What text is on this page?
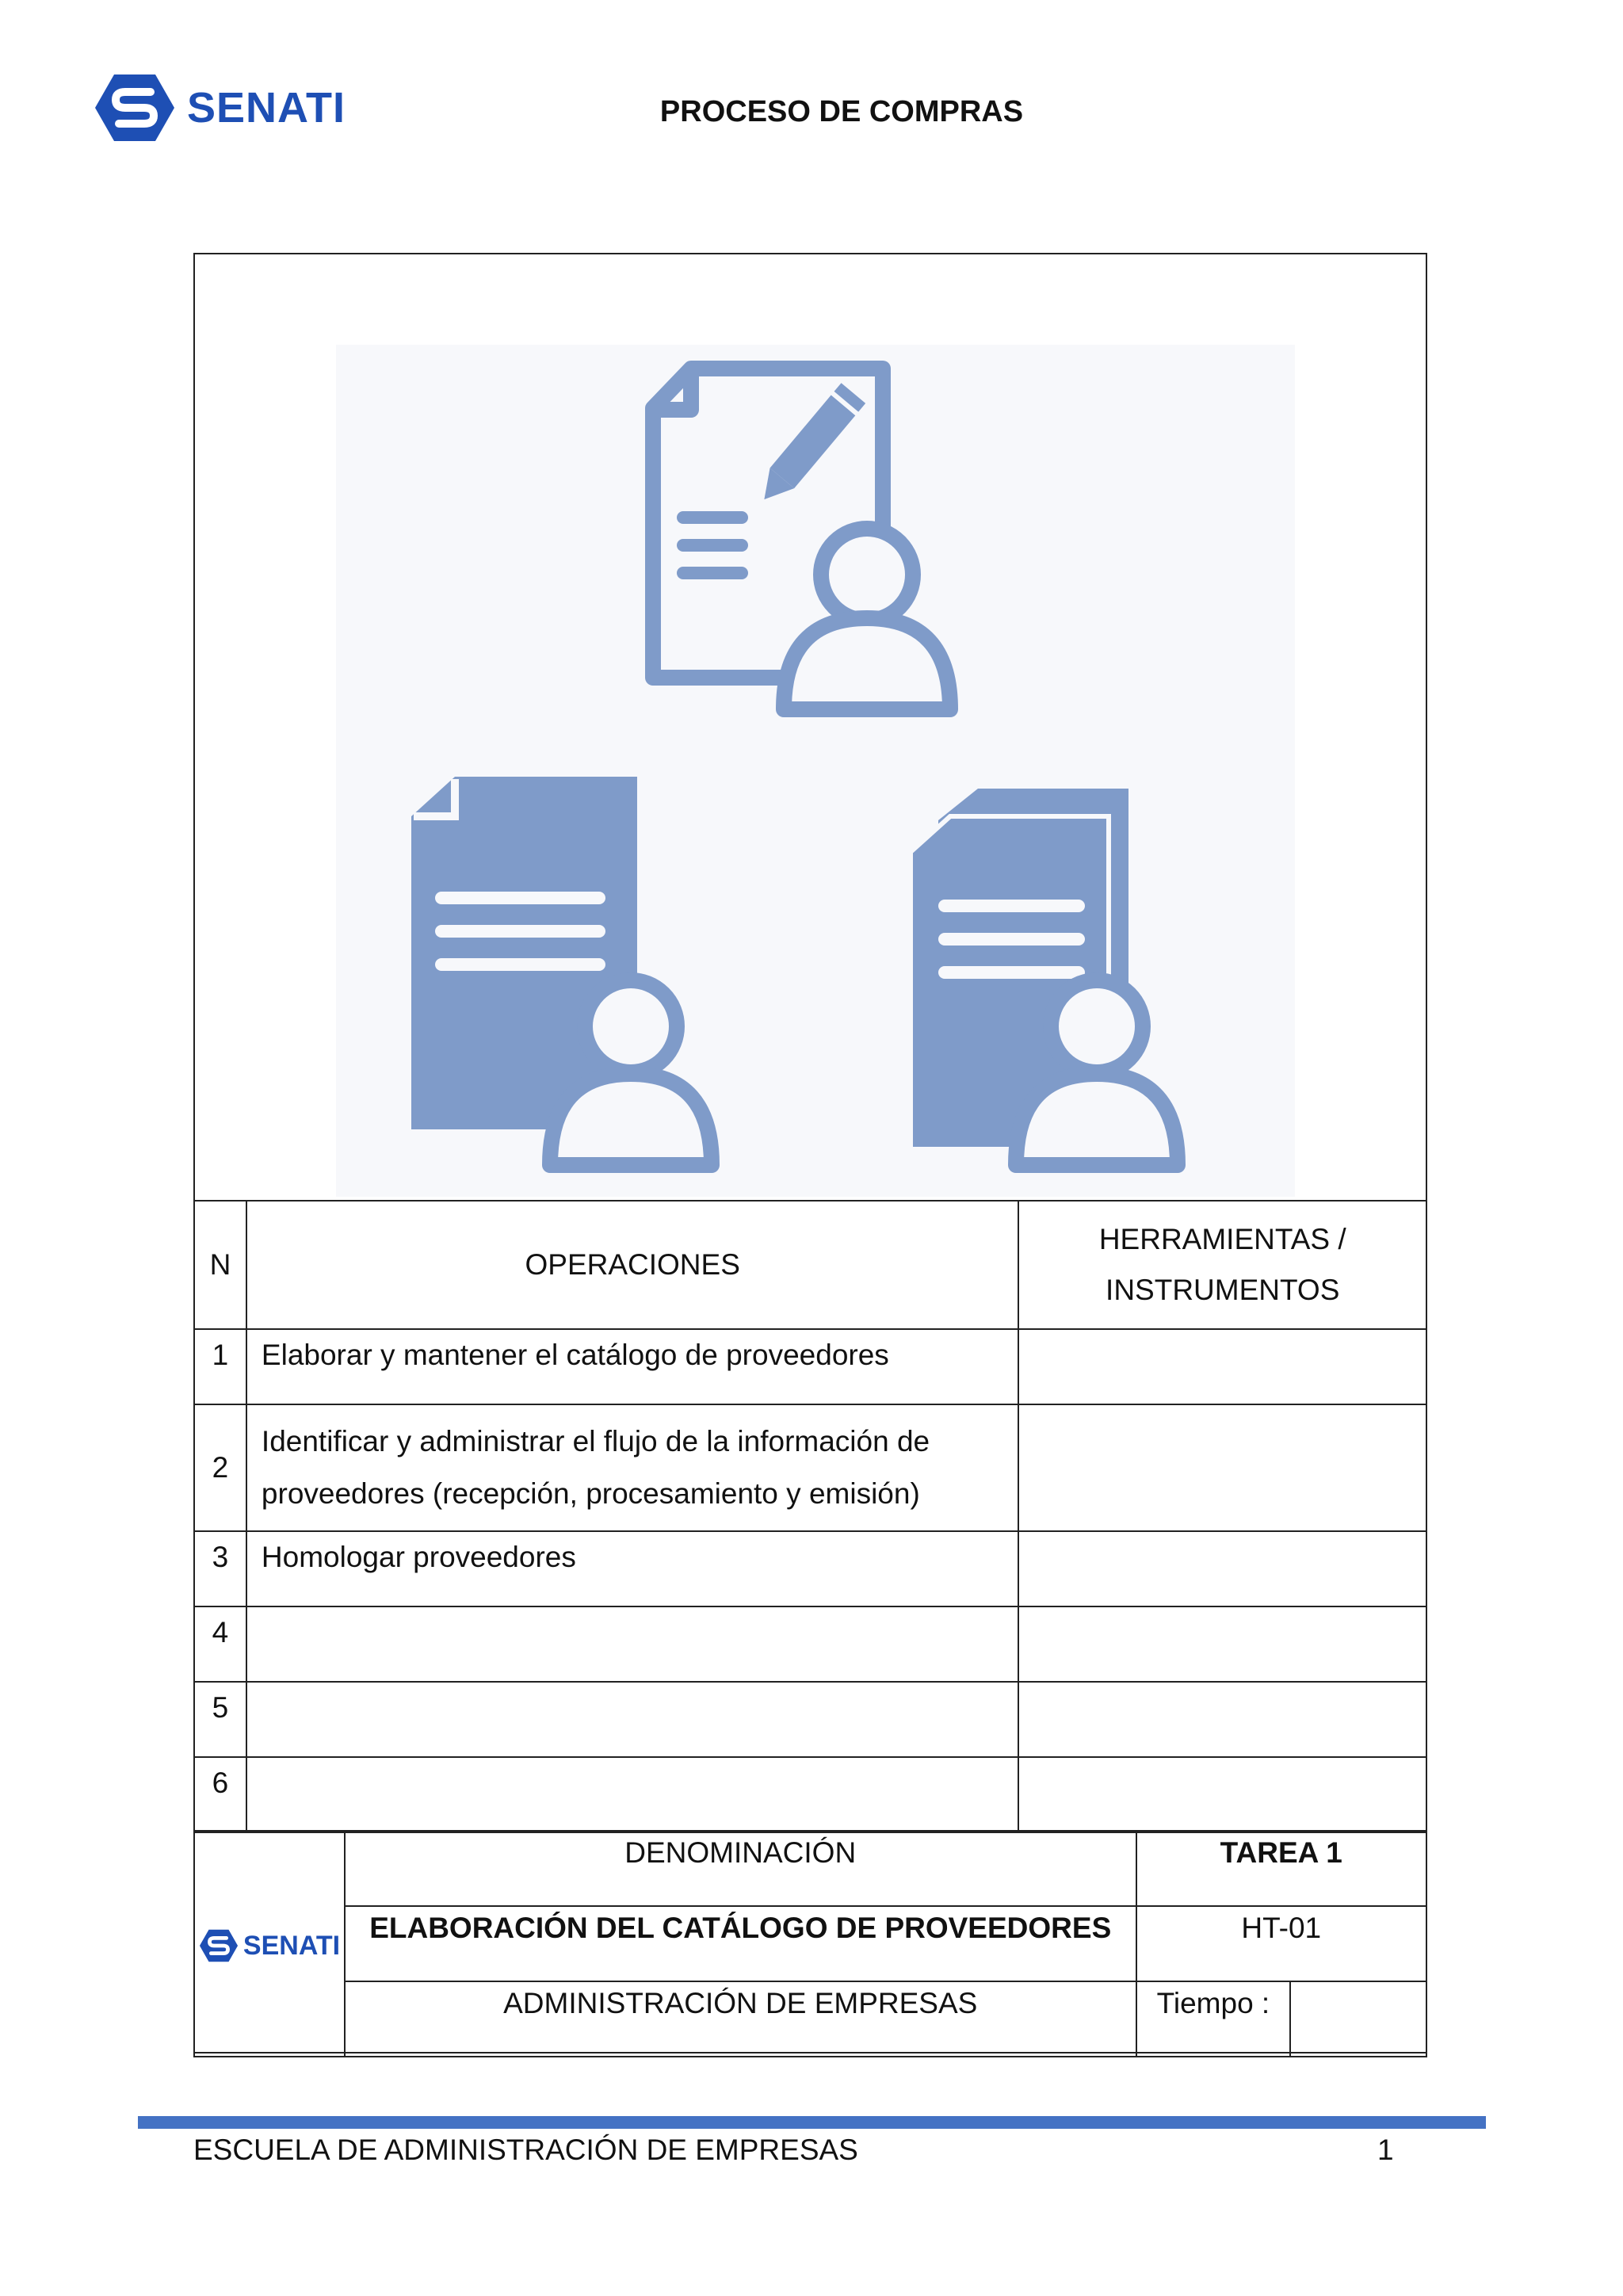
SENATI	PROCESO DE COMPRAS
N	OPERACIONES	HERRAMIENTAS /
INSTRUMENTOS

1	Elaborar y mantener el catálogo de proveedores	
2	Identificar y administrar el flujo de la información de
proveedores (recepción, procesamiento y emisión)	

3	Homologar proveedores	
4		
5		
6		
SENATI	DENOMINACIÓN	TAREA 1	
	ELABORACIÓN DEL CATÁLOGO DE PROVEEDORES	HT-01	
	ADMINISTRACIÓN DE EMPRESAS	Tiempo :	
ESCUELA DE ADMINISTRACIÓN DE EMPRESAS	1
